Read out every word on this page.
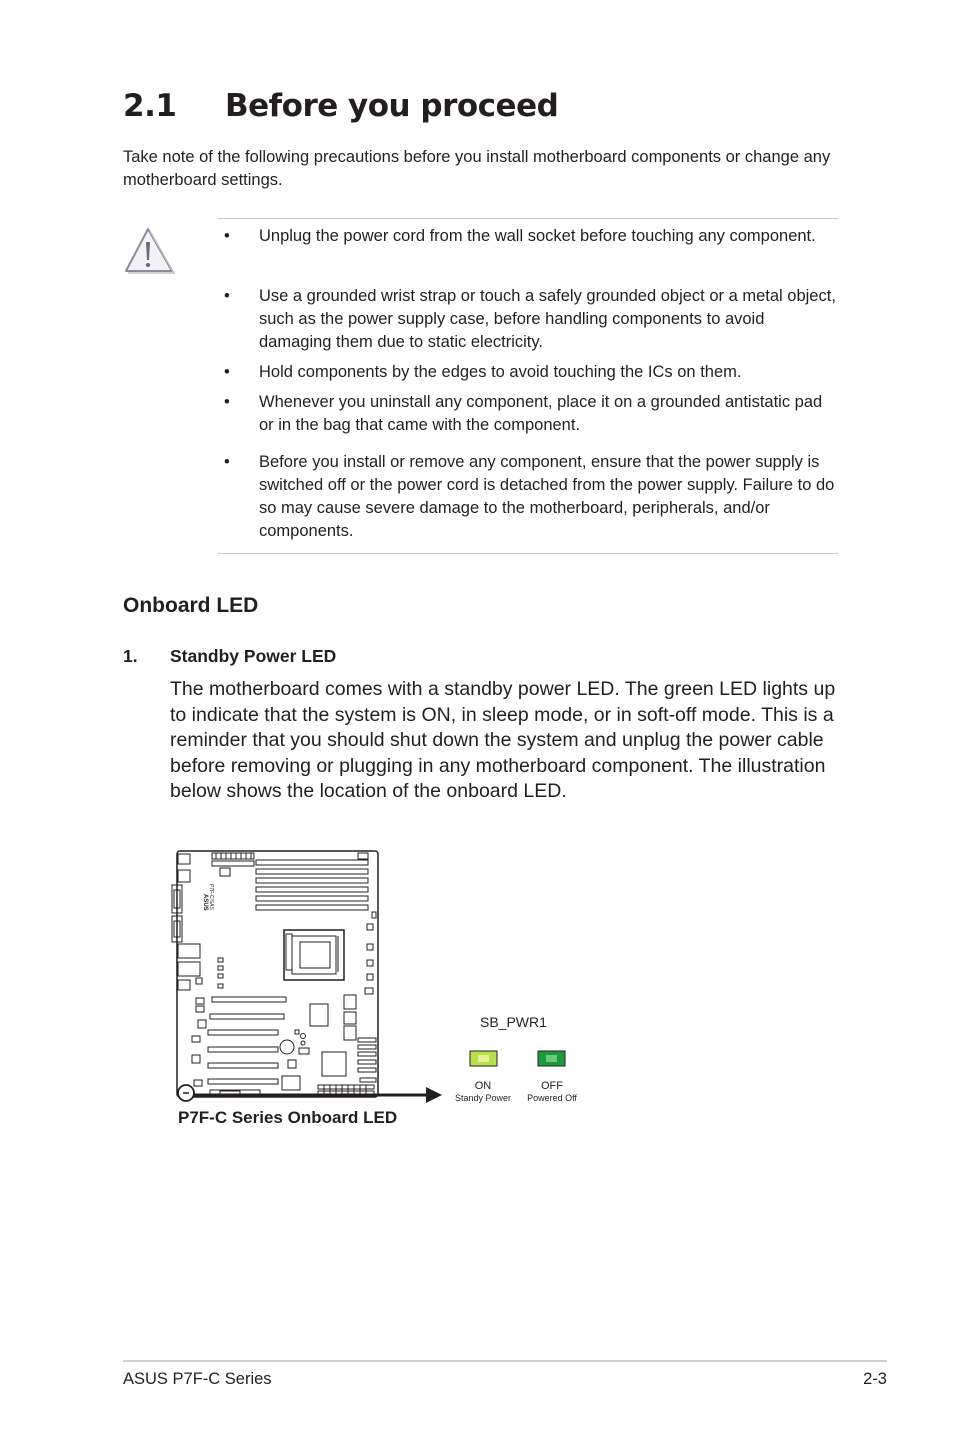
2.1 Before you proceed

Take note of the following precautions before you install motherboard components or change any motherboard settings.

• Unplug the power cord from the wall socket before touching any component.
• Use a grounded wrist strap or touch a safely grounded object or a metal object, such as the power supply case, before handling components to avoid damaging them due to static electricity.
• Hold components by the edges to avoid touching the ICs on them.
• Whenever you uninstall any component, place it on a grounded antistatic pad or in the bag that came with the component.
• Before you install or remove any component, ensure that the power supply is switched off or the power cord is detached from the power supply. Failure to do so may cause severe damage to the motherboard, peripherals, and/or components.
Onboard LED
1. Standby Power LED

The motherboard comes with a standby power LED. The green LED lights up to indicate that the system is ON, in sleep mode, or in soft-off mode. This is a reminder that you should shut down the system and unplug the power cable before removing or plugging in any motherboard component. The illustration below shows the location of the onboard LED.

ASUS P7F-C/SAS
SB_PWR1
ON
Standy Power
OFF
Powered Off
P7F-C Series Onboard LED
ASUS P7F-C Series	2-3
